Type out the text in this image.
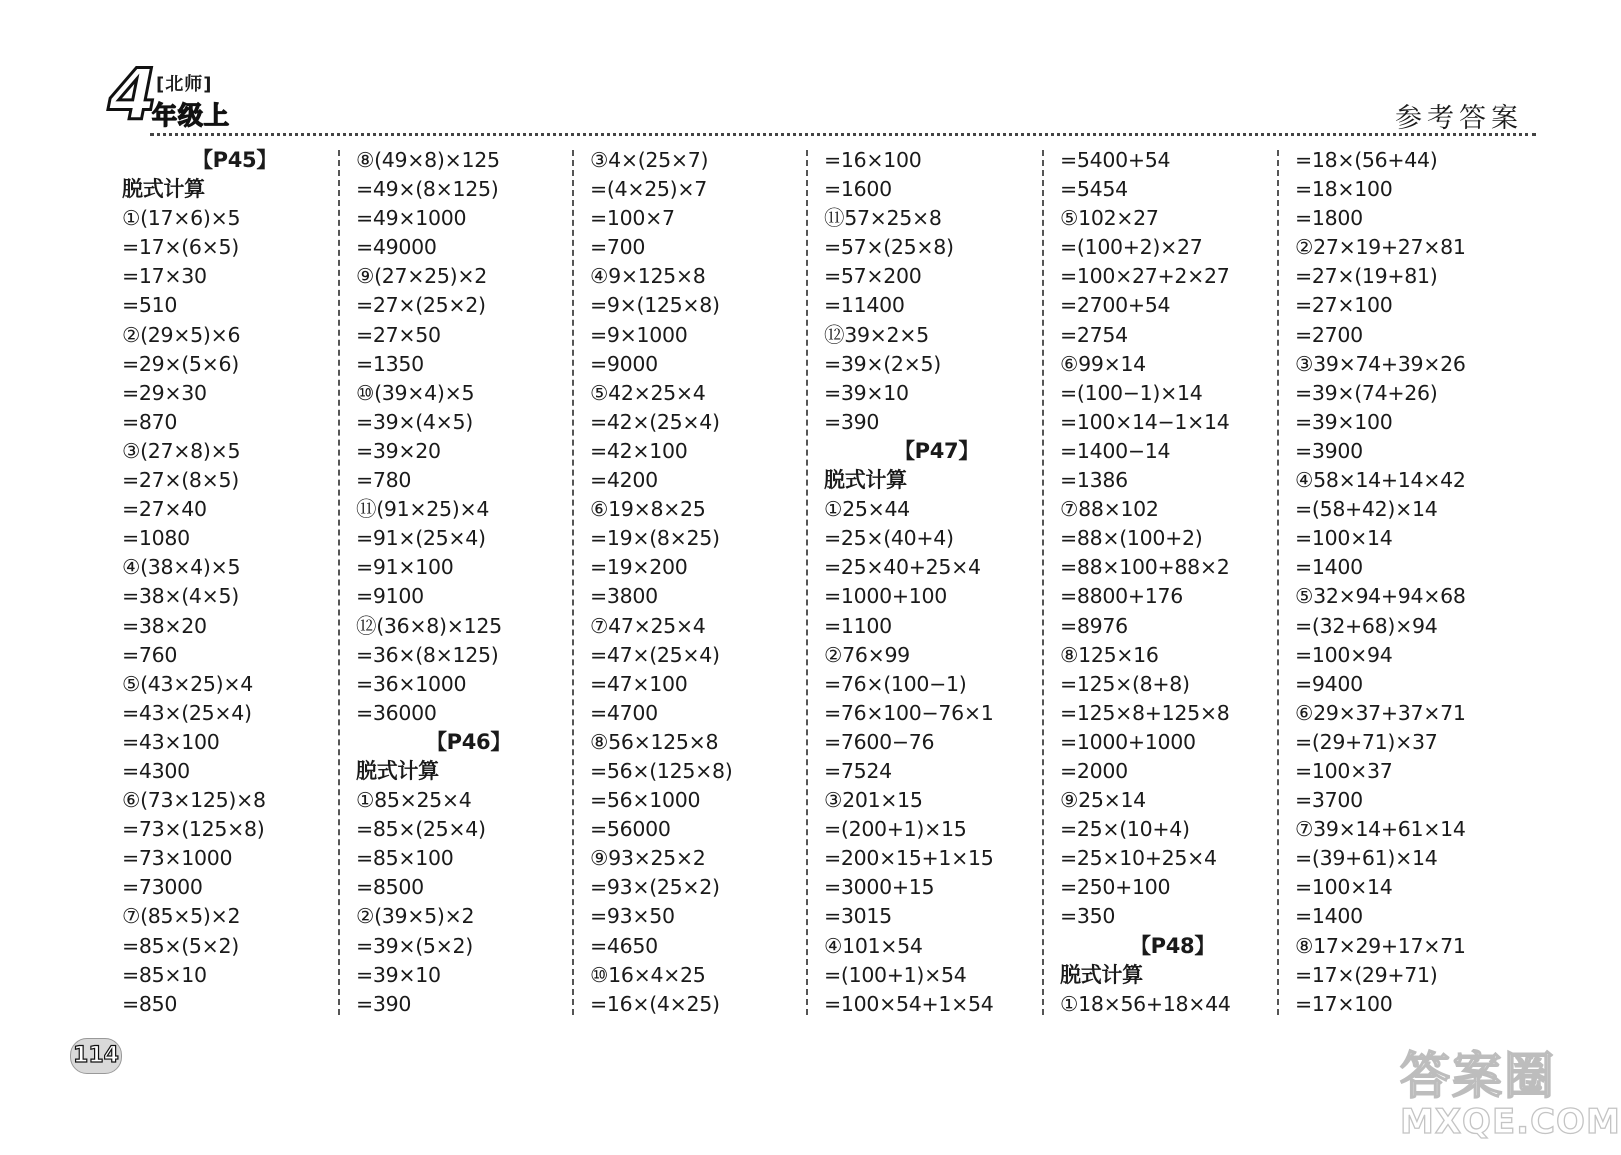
4 [北师]
年级上	参考答案
【P45】
脱式计算
①(17×6)×5
=17×(6×5)
=17×30
=510
②(29×5)×6
=29×(5×6)
=29×30
=870
③(27×8)×5
=27×(8×5)
=27×40
=1080
④(38×4)×5
=38×(4×5)
=38×20
=760
⑤(43×25)×4
=43×(25×4)
=43×100
=4300
⑥(73×125)×8
=73×(125×8)
=73×1000
=73000
⑦(85×5)×2
=85×(5×2)
=85×10
=850
⑧(49×8)×125
=49×(8×125)
=49×1000
=49000
⑨(27×25)×2
=27×(25×2)
=27×50
=1350
⑩(39×4)×5
=39×(4×5)
=39×20
=780
⑪(91×25)×4
=91×(25×4)
=91×100
=9100
⑫(36×8)×125
=36×(8×125)
=36×1000
=36000
【P46】
脱式计算
①85×25×4
=85×(25×4)
=85×100
=8500
②(39×5)×2
=39×(5×2)
=39×10
=390
③4×(25×7)
=(4×25)×7
=100×7
=700
④9×125×8
=9×(125×8)
=9×1000
=9000
⑤42×25×4
=42×(25×4)
=42×100
=4200
⑥19×8×25
=19×(8×25)
=19×200
=3800
⑦47×25×4
=47×(25×4)
=47×100
=4700
⑧56×125×8
=56×(125×8)
=56×1000
=56000
⑨93×25×2
=93×(25×2)
=93×50
=4650
⑩16×4×25
=16×(4×25)
=16×100
=1600
⑪57×25×8
=57×(25×8)
=57×200
=11400
⑫39×2×5
=39×(2×5)
=39×10
=390
【P47】
脱式计算
①25×44
=25×(40+4)
=25×40+25×4
=1000+100
=1100
②76×99
=76×(100−1)
=76×100−76×1
=7600−76
=7524
③201×15
=(200+1)×15
=200×15+1×15
=3000+15
=3015
④101×54
=(100+1)×54
=100×54+1×54
=5400+54
=5454
⑤102×27
=(100+2)×27
=100×27+2×27
=2700+54
=2754
⑥99×14
=(100−1)×14
=100×14−1×14
=1400−14
=1386
⑦88×102
=88×(100+2)
=88×100+88×2
=8800+176
=8976
⑧125×16
=125×(8+8)
=125×8+125×8
=1000+1000
=2000
⑨25×14
=25×(10+4)
=25×10+25×4
=250+100
=350
【P48】
脱式计算
①18×56+18×44
=18×(56+44)
=18×100
=1800
②27×19+27×81
=27×(19+81)
=27×100
=2700
③39×74+39×26
=39×(74+26)
=39×100
=3900
④58×14+14×42
=(58+42)×14
=100×14
=1400
⑤32×94+94×68
=(32+68)×94
=100×94
=9400
⑥29×37+37×71
=(29+71)×37
=100×37
=3700
⑦39×14+61×14
=(39+61)×14
=100×14
=1400
⑧17×29+17×71
=17×(29+71)
=17×100
114	答案圈
MXQE.COM
